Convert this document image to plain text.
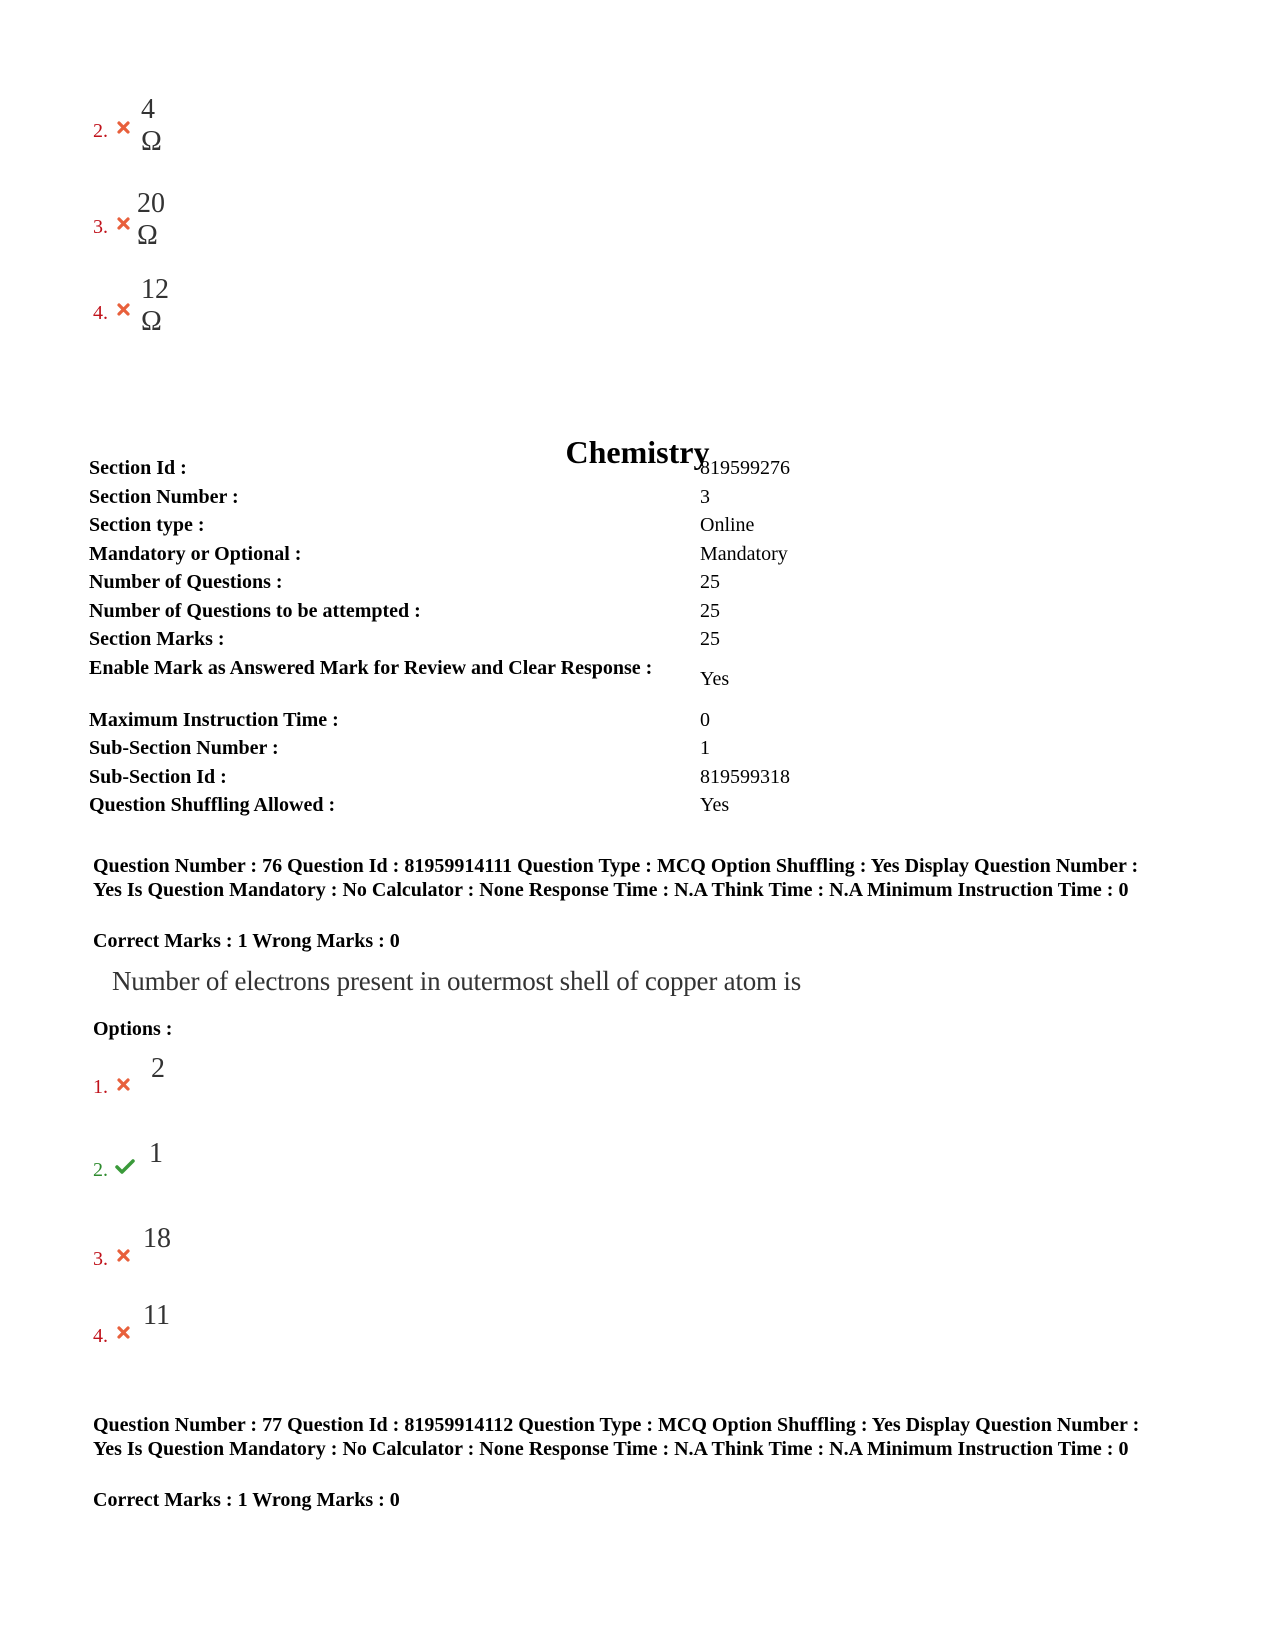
2.
4 Ω
3.
20 Ω
4.
12 Ω
Chemistry
Section Id :	819599276
Section Number :	3
Section type :	Online
Mandatory or Optional :	Mandatory
Number of Questions :	25
Number of Questions to be attempted :	25
Section Marks :	25
Enable Mark as Answered Mark for Review and Clear Response :	Yes
Maximum Instruction Time :	0
Sub-Section Number :	1
Sub-Section Id :	819599318
Question Shuffling Allowed :	Yes
Question Number : 76 Question Id : 81959914111 Question Type : MCQ Option Shuffling : Yes Display Question Number : Yes Is Question Mandatory : No Calculator : None Response Time : N.A Think Time : N.A Minimum Instruction Time : 0
Correct Marks : 1 Wrong Marks : 0
Number of electrons present in outermost shell of copper atom is
Options :
1.
2
2.
1
3.
18
4.
11
Question Number : 77 Question Id : 81959914112 Question Type : MCQ Option Shuffling : Yes Display Question Number : Yes Is Question Mandatory : No Calculator : None Response Time : N.A Think Time : N.A Minimum Instruction Time : 0
Correct Marks : 1 Wrong Marks : 0
